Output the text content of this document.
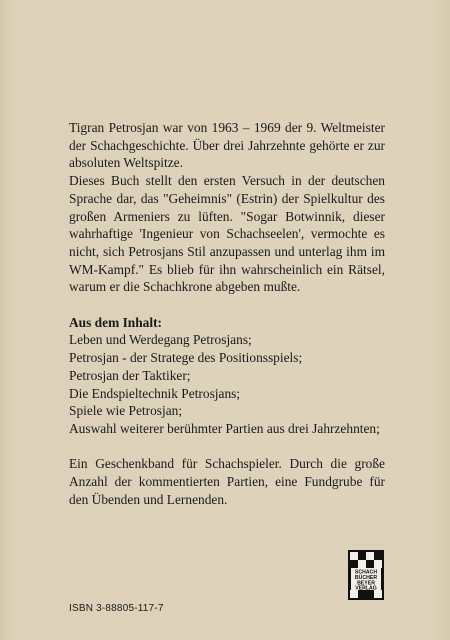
Tigran Petrosjan war von 1963 – 1969 der 9. Weltmeister der Schachgeschichte. Über drei Jahrzehnte gehörte er zur absoluten Weltspitze.

Dieses Buch stellt den ersten Versuch in der deutschen Sprache dar, das "Geheimnis" (Estrin) der Spielkultur des großen Armeniers zu lüften. "Sogar Botwinnik, dieser wahrhaftige 'Ingenieur von Schachseelen', vermochte es nicht, sich Petrosjans Stil anzupassen und unterlag ihm im WM-Kampf." Es blieb für ihn wahrscheinlich ein Rätsel, warum er die Schachkrone abgeben mußte.

Aus dem Inhalt:

Leben und Werdegang Petrosjans;
Petrosjan - der Stratege des Positionsspiels;
Petrosjan der Taktiker;
Die Endspieltechnik Petrosjans;
Spiele wie Petrosjan;
Auswahl weiterer berühmter Partien aus drei Jahrzehnten;

Ein Geschenkband für Schachspieler. Durch die große Anzahl der kommentierten Partien, eine Fundgrube für den Übenden und Lernenden.

SCHACH
BÜCHER
BEYER
VERLAG
ISBN 3-88805-117-7
